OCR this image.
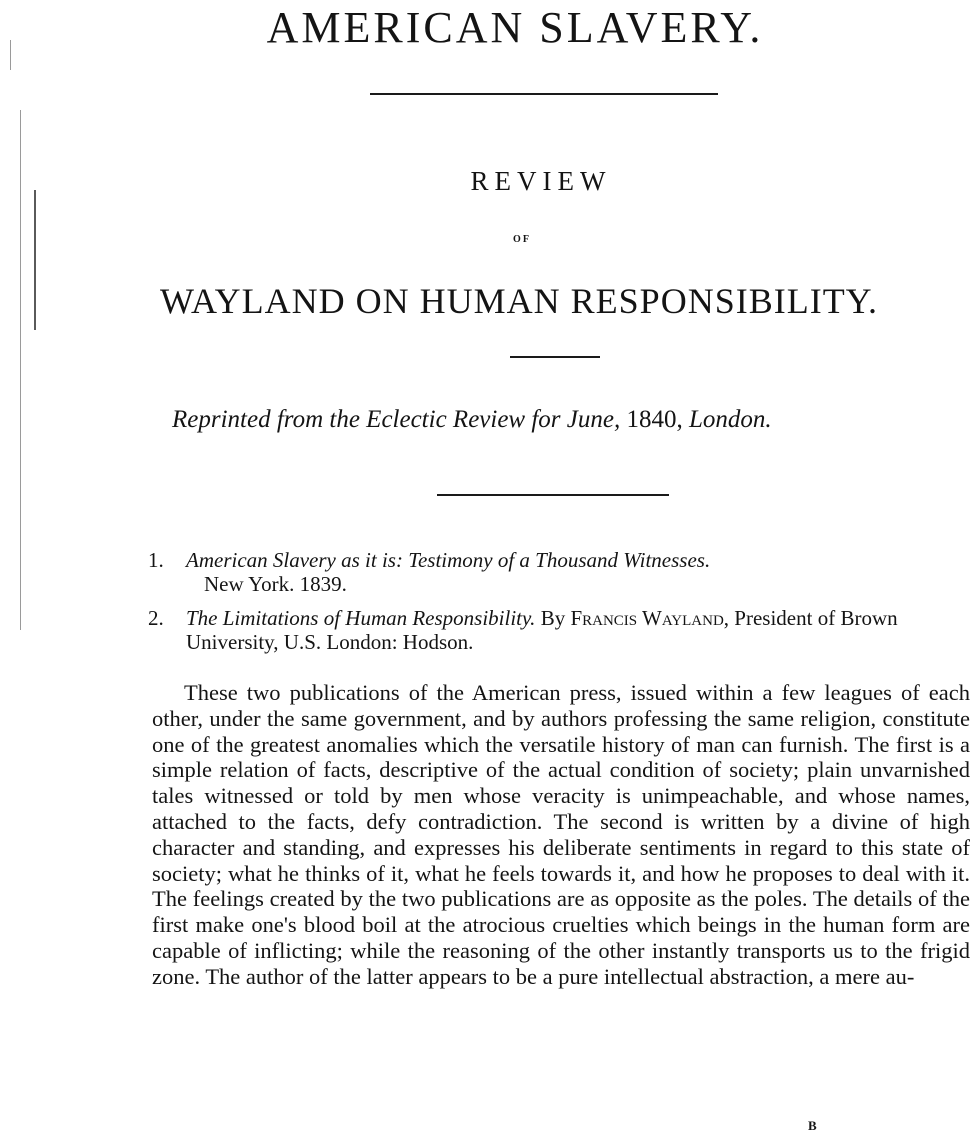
AMERICAN SLAVERY.
REVIEW
OF
WAYLAND ON HUMAN RESPONSIBILITY.
Reprinted from the Eclectic Review for June, 1840, London.
1. American Slavery as it is: Testimony of a Thousand Witnesses.
New York. 1839.
2. The Limitations of Human Responsibility. By Francis Wayland, President of Brown University, U.S. London: Hodson.
These two publications of the American press, issued within a few leagues of each other, under the same government, and by authors professing the same religion, constitute one of the greatest anomalies which the versatile history of man can furnish. The first is a simple relation of facts, descriptive of the actual condition of society; plain unvarnished tales witnessed or told by men whose veracity is unimpeachable, and whose names, attached to the facts, defy contradiction. The second is written by a divine of high character and standing, and expresses his deliberate sentiments in regard to this state of society; what he thinks of it, what he feels towards it, and how he proposes to deal with it. The feelings created by the two publications are as opposite as the poles. The details of the first make one's blood boil at the atrocious cruelties which beings in the human form are capable of inflicting; while the reasoning of the other instantly transports us to the frigid zone. The author of the latter appears to be a pure intellectual abstraction, a mere au-
B
